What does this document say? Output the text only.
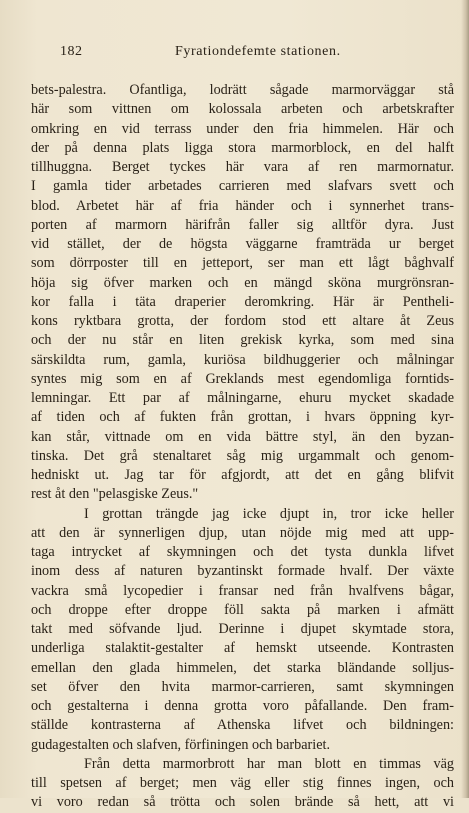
182	Fyrationdefemte stationen.
bets-palestra. Ofantliga, lodrätt sågade marmorväggar stå
här som vittnen om kolossala arbeten och arbetskrafter
omkring en vid terrass under den fria himmelen. Här och
der på denna plats ligga stora marmorblock, en del halft
tillhuggna. Berget tyckes här vara af ren marmornatur.
I gamla tider arbetades carrieren med slafvars svett och
blod. Arbetet här af fria händer och i synnerhet trans-
porten af marmorn härifrån faller sig alltför dyra. Just
vid stället, der de högsta väggarne framträda ur berget
som dörrposter till en jetteport, ser man ett lågt båghvalf
höja sig öfver marken och en mängd sköna murgrönsran-
kor falla i täta draperier deromkring. Här är Pentheli-
kons ryktbara grotta, der fordom stod ett altare åt Zeus
och der nu står en liten grekisk kyrka, som med sina
särskildta rum, gamla, kuriösa bildhuggerier och målningar
syntes mig som en af Greklands mest egendomliga forntids-
lemningar. Ett par af målningarne, ehuru mycket skadade
af tiden och af fukten från grottan, i hvars öppning kyr-
kan står, vittnade om en vida bättre styl, än den byzan-
tinska. Det grå stenaltaret såg mig urgammalt och genom-
hedniskt ut. Jag tar för afgjordt, att det en gång blifvit
rest åt den "pelasgiske Zeus."
I grottan trängde jag icke djupt in, tror icke heller
att den är synnerligen djup, utan nöjde mig med att upp-
taga intrycket af skymningen och det tysta dunkla lifvet
inom dess af naturen byzantinskt formade hvalf. Der växte
vackra små lycopedier i fransar ned från hvalfvens bågar,
och droppe efter droppe föll sakta på marken i afmätt
takt med söfvande ljud. Derinne i djupet skymtade stora,
underliga stalaktit-gestalter af hemskt utseende. Kontrasten
emellan den glada himmelen, det starka bländande solljus-
set öfver den hvita marmor-carrieren, samt skymningen
och gestalterna i denna grotta voro påfallande. Den fram-
ställde kontrasterna af Athenska lifvet och bildningen:
gudagestalten och slafven, förfiningen och barbariet.
Från detta marmorbrott har man blott en timmas väg
till spetsen af berget; men väg eller stig finnes ingen, och
vi voro redan så trötta och solen brände så hett, att vi
